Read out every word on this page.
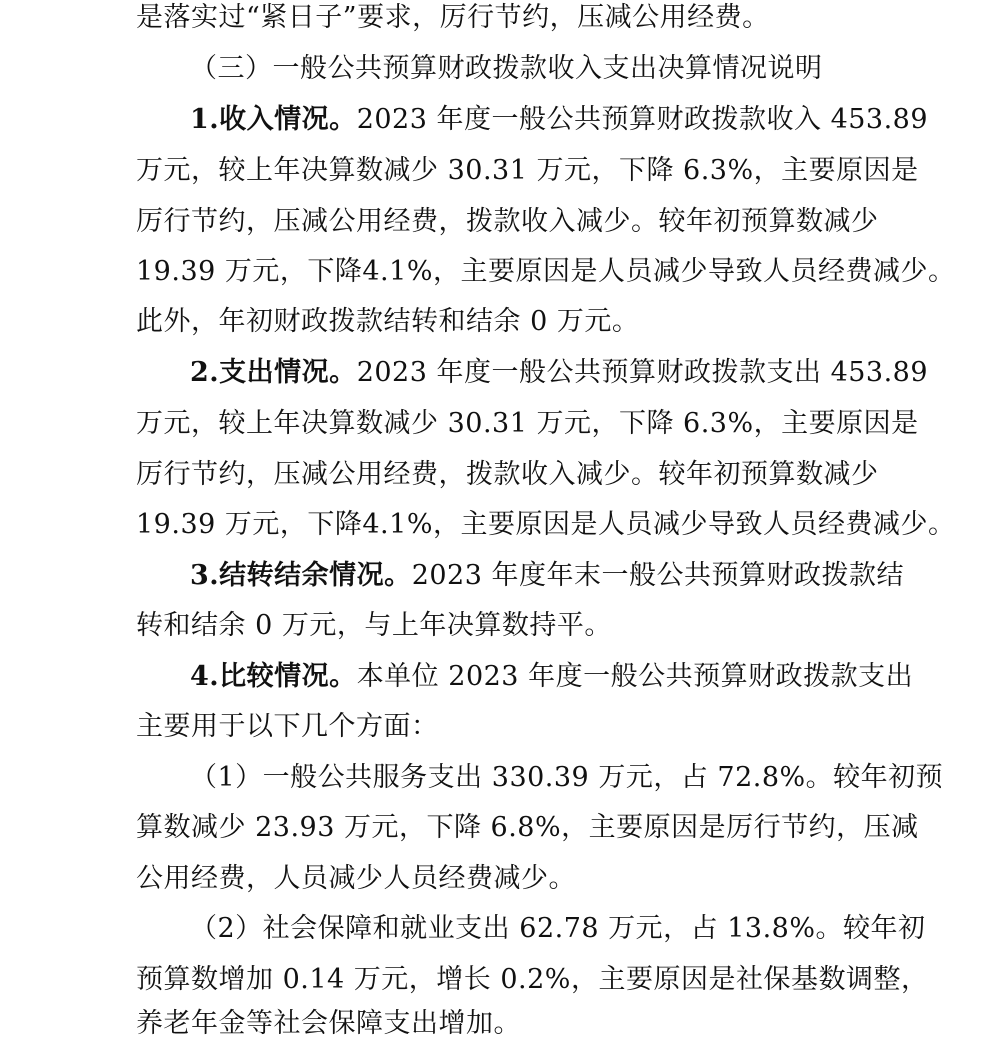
是落实过“紧日子”要求，厉行节约，压减公用经费。
（三）一般公共预算财政拨款收入支出决算情况说明
1.收入情况。2023 年度一般公共预算财政拨款收入 453.89
万元，较上年决算数减少 30.31 万元，下降 6.3%，主要原因是
厉行节约，压减公用经费，拨款收入减少。较年初预算数减少
19.39 万元，下降4.1%，主要原因是人员减少导致人员经费减少。
此外，年初财政拨款结转和结余 0 万元。
2.支出情况。2023 年度一般公共预算财政拨款支出 453.89
万元，较上年决算数减少 30.31 万元，下降 6.3%，主要原因是
厉行节约，压减公用经费，拨款收入减少。较年初预算数减少
19.39 万元，下降4.1%，主要原因是人员减少导致人员经费减少。
3.结转结余情况。2023 年度年末一般公共预算财政拨款结
转和结余 0 万元，与上年决算数持平。
4.比较情况。本单位 2023 年度一般公共预算财政拨款支出
主要用于以下几个方面：
（1）一般公共服务支出 330.39 万元，占 72.8%。较年初预
算数减少 23.93 万元，下降 6.8%，主要原因是厉行节约，压减
公用经费，人员减少人员经费减少。
（2）社会保障和就业支出 62.78 万元，占 13.8%。较年初
预算数增加 0.14 万元，增长 0.2%，主要原因是社保基数调整，
养老年金等社会保障支出增加。
